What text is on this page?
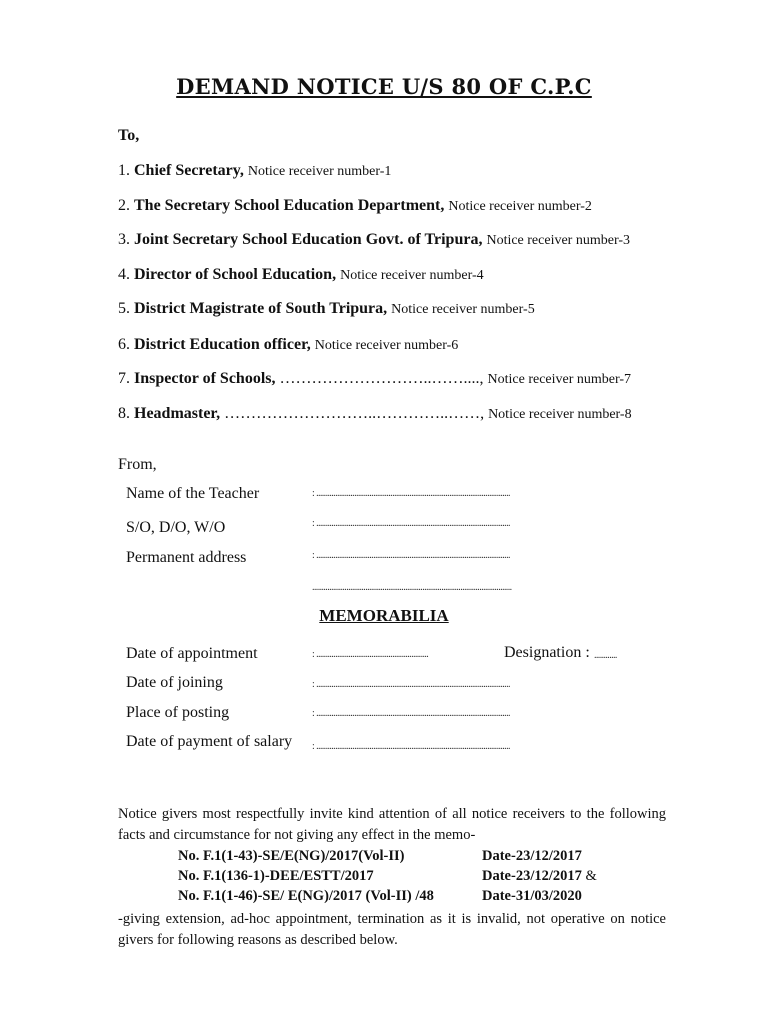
DEMAND NOTICE U/S 80 OF C.P.C
To,
1. Chief Secretary, Notice receiver number-1
2. The Secretary School Education Department, Notice receiver number-2
3. Joint Secretary School Education Govt. of Tripura, Notice receiver number-3
4. Director of School Education, Notice receiver number-4
5. District Magistrate of South Tripura, Notice receiver number-5
6. District Education officer, Notice receiver number-6
7. Inspector of Schools, ………………………..……...., Notice receiver number-7
8. Headmaster, ………………………..…………..……, Notice receiver number-8
From,
Name of the Teacher	: ......................................................................................................
S/O, D/O, W/O	: ......................................................................................................
Permanent address	: ......................................................................................................
.........................................................................................................
MEMORABILIA
Date of appointment	: ...........................................................	Designation : ............
Date of joining	: ......................................................................................................
Place of posting	: ......................................................................................................
Date of payment of salary : ......................................................................................................
Notice givers most respectfully invite kind attention of all notice receivers to the following facts and circumstance for not giving any effect in the memo-
No. F.1(1-43)-SE/E(NG)/2017(Vol-II)	Date-23/12/2017
No. F.1(136-1)-DEE/ESTT/2017	Date-23/12/2017 &
No. F.1(1-46)-SE/ E(NG)/2017 (Vol-II) /48	Date-31/03/2020
-giving extension, ad-hoc appointment, termination as it is invalid, not operative on notice givers for following reasons as described below.
